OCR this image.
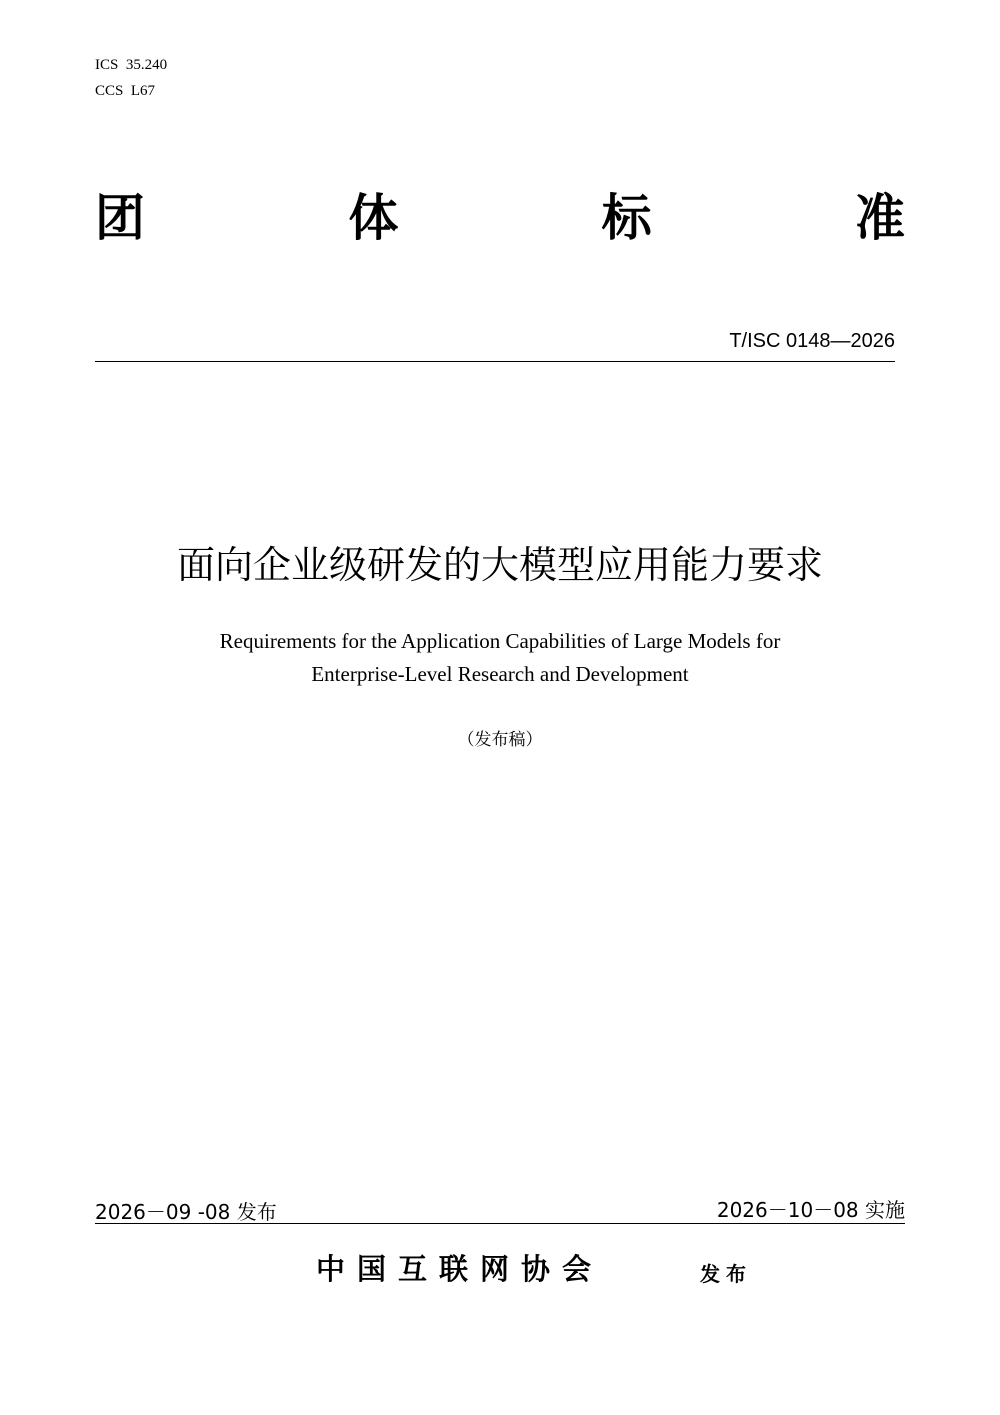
ICS  35.240
CCS  L67
团	体	标	准
T/ISC 0148—2026
面向企业级研发的大模型应用能力要求
Requirements for the Application Capabilities of Large Models for
Enterprise-Level Research and Development
（发布稿）
2026－09 -08 发布	2026－10－08 实施
中国互联网协会	发布
